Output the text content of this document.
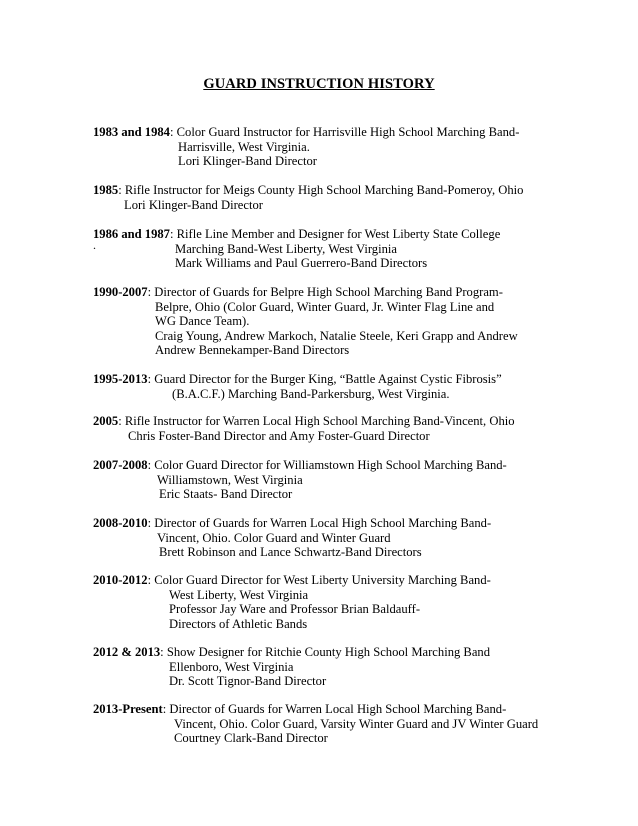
GUARD INSTRUCTION HISTORY
1983 and 1984: Color Guard Instructor for Harrisville High School Marching Band-
Harrisville, West Virginia.
Lori Klinger-Band Director
1985: Rifle Instructor for Meigs County High School Marching Band-Pomeroy, Ohio
Lori Klinger-Band Director
1986 and 1987: Rifle Line Member and Designer for West Liberty State College
Marching Band-West Liberty, West Virginia
Mark Williams and Paul Guerrero-Band Directors
.
1990-2007: Director of Guards for Belpre High School Marching Band Program-
Belpre, Ohio (Color Guard, Winter Guard, Jr. Winter Flag Line and
WG Dance Team).
Craig Young, Andrew Markoch, Natalie Steele, Keri Grapp and Andrew
Andrew Bennekamper-Band Directors
1995-2013: Guard Director for the Burger King, “Battle Against Cystic Fibrosis”
(B.A.C.F.) Marching Band-Parkersburg, West Virginia.
2005: Rifle Instructor for Warren Local High School Marching Band-Vincent, Ohio
Chris Foster-Band Director and Amy Foster-Guard Director
2007-2008: Color Guard Director for Williamstown High School Marching Band-
Williamstown, West Virginia
Eric Staats- Band Director
2008-2010: Director of Guards for Warren Local High School Marching Band-
Vincent, Ohio. Color Guard and Winter Guard
Brett Robinson and Lance Schwartz-Band Directors
2010-2012: Color Guard Director for West Liberty University Marching Band-
West Liberty, West Virginia
Professor Jay Ware and Professor Brian Baldauff-
Directors of Athletic Bands
2012 & 2013: Show Designer for Ritchie County High School Marching Band
Ellenboro, West Virginia
Dr. Scott Tignor-Band Director
2013-Present: Director of Guards for Warren Local High School Marching Band-
Vincent, Ohio. Color Guard, Varsity Winter Guard and JV Winter Guard
Courtney Clark-Band Director
